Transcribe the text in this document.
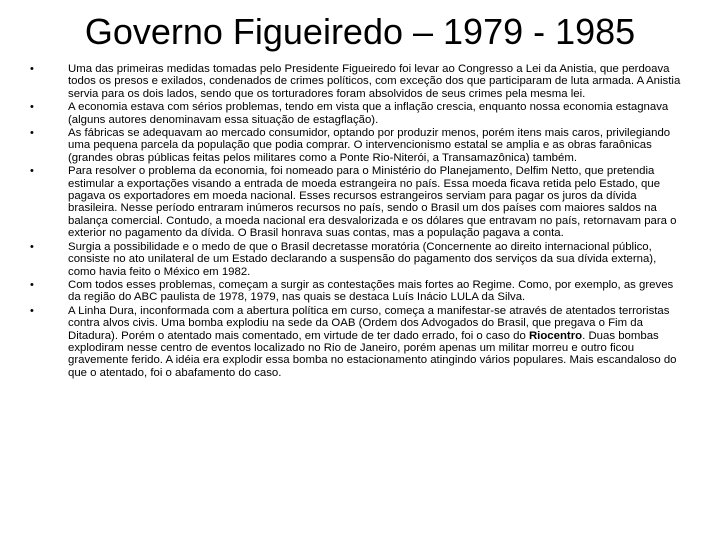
Governo Figueiredo – 1979 - 1985
•	Uma das primeiras medidas tomadas pelo Presidente Figueiredo foi levar ao Congresso a Lei da Anistia, que perdoava todos os presos e exilados, condenados de crimes políticos, com exceção dos que participaram de luta armada. A Anistia servia para os dois lados, sendo que os torturadores foram absolvidos de seus crimes pela mesma lei.
•	A economia estava com sérios problemas, tendo em vista que a inflação crescia, enquanto nossa economia estagnava (alguns autores denominavam essa situação de estagflação).
•	As fábricas se adequavam ao mercado consumidor, optando por produzir menos, porém itens mais caros, privilegiando uma pequena parcela da população que podia comprar. O intervencionismo estatal se amplia e as obras faraônicas (grandes obras públicas feitas pelos militares como a Ponte Rio-Niterói, a Transamazônica) também.
•	Para resolver o problema da economia, foi nomeado para o Ministério do Planejamento, Delfim Netto, que pretendia estimular a exportações visando a entrada de moeda estrangeira no país. Essa moeda ficava retida pelo Estado, que pagava os exportadores em moeda nacional. Esses recursos estrangeiros serviam para pagar os juros da dívida brasileira. Nesse período entraram inúmeros recursos no país, sendo o Brasil um dos países com maiores saldos na balança comercial. Contudo, a moeda nacional era desvalorizada e os dólares que entravam no país, retornavam para o exterior no pagamento da dívida. O Brasil honrava suas contas, mas a população pagava a conta.
•	Surgia a possibilidade e o medo de que o Brasil decretasse moratória (Concernente ao direito internacional público, consiste no ato unilateral de um Estado declarando a suspensão do pagamento dos serviços da sua dívida externa), como havia feito o México em 1982.
•	Com todos esses problemas, começam a surgir as contestações mais fortes ao Regime. Como, por exemplo, as greves da região do ABC paulista de 1978, 1979, nas quais se destaca Luís Inácio LULA da Silva.
•	A Linha Dura, inconformada com a abertura política em curso, começa a manifestar-se através de atentados terroristas contra alvos civis. Uma bomba explodiu na sede da OAB (Ordem dos Advogados do Brasil, que pregava o Fim da Ditadura). Porém o atentado mais comentado, em virtude de ter dado errado, foi o caso do Riocentro. Duas bombas explodiram nesse centro de eventos localizado no Rio de Janeiro, porém apenas um militar morreu e outro ficou gravemente ferido. A idéia era explodir essa bomba no estacionamento atingindo vários populares. Mais escandaloso do que o atentado, foi o abafamento do caso.
